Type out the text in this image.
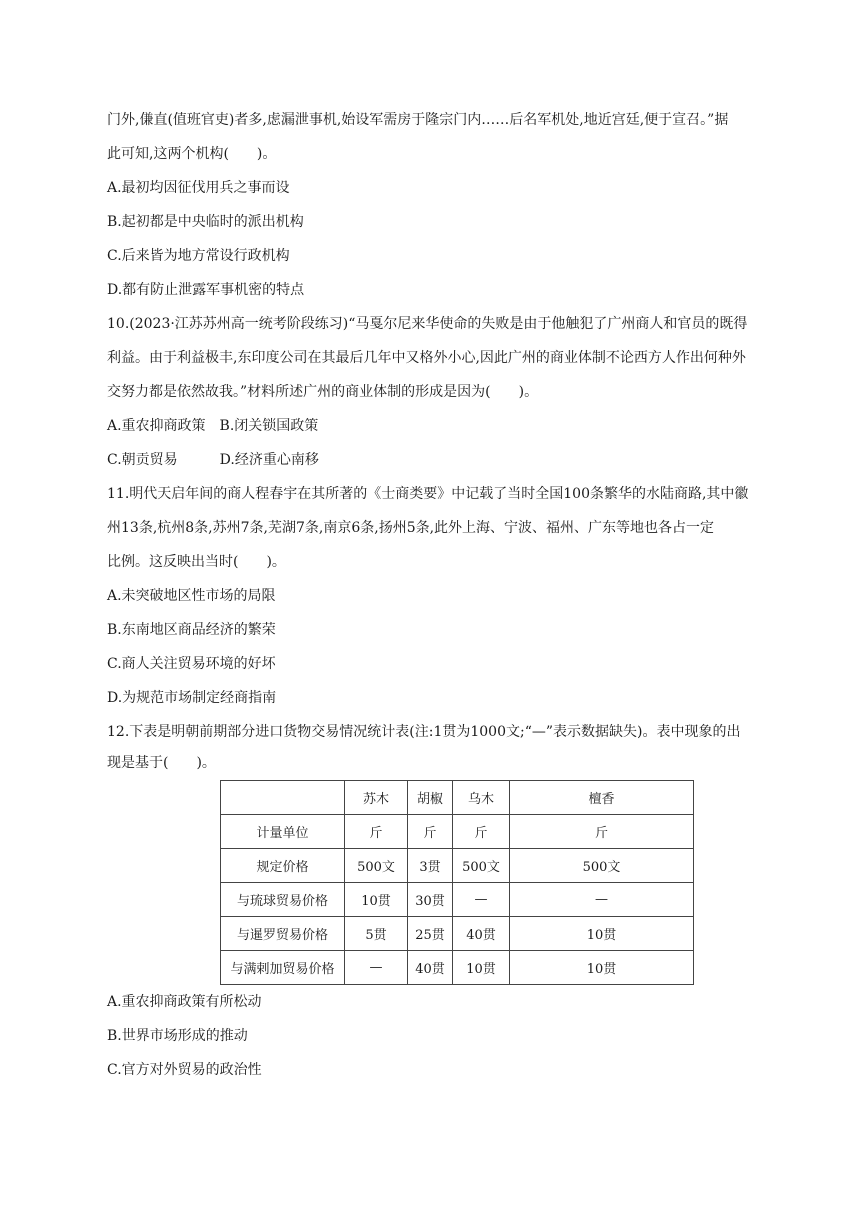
门外,傔直(值班官吏)者多,虑漏泄事机,始设军需房于隆宗门内……后名军机处,地近宫廷,便于宣召。”据
此可知,这两个机构(　　)。
A.最初均因征伐用兵之事而设
B.起初都是中央临时的派出机构
C.后来皆为地方常设行政机构
D.都有防止泄露军事机密的特点
10.(2023·江苏苏州高一统考阶段练习)“马戛尔尼来华使命的失败是由于他触犯了广州商人和官员的既得
利益。由于利益极丰,东印度公司在其最后几年中又格外小心,因此广州的商业体制不论西方人作出何种外
交努力都是依然故我。”材料所述广州的商业体制的形成是因为(　　)。
A.重农抑商政策　B.闭关锁国政策
C.朝贡贸易　　　D.经济重心南移
11.明代天启年间的商人程春宇在其所著的《士商类要》中记载了当时全国100条繁华的水陆商路,其中徽
州13条,杭州8条,苏州7条,芜湖7条,南京6条,扬州5条,此外上海、宁波、福州、广东等地也各占一定
比例。这反映出当时(　　)。
A.未突破地区性市场的局限
B.东南地区商品经济的繁荣
C.商人关注贸易环境的好坏
D.为规范市场制定经商指南
12.下表是明朝前期部分进口货物交易情况统计表(注:1贯为1000文;“—”表示数据缺失)。表中现象的出
现是基于(　　)。
	苏木	胡椒	乌木	檀香
计量单位	斤	斤	斤	斤
规定价格	500文	3贯	500文	500文
与琉球贸易价格	10贯	30贯	—	—
与暹罗贸易价格	5贯	25贯	40贯	10贯
与满剌加贸易价格	—	40贯	10贯	10贯
A.重农抑商政策有所松动
B.世界市场形成的推动
C.官方对外贸易的政治性
